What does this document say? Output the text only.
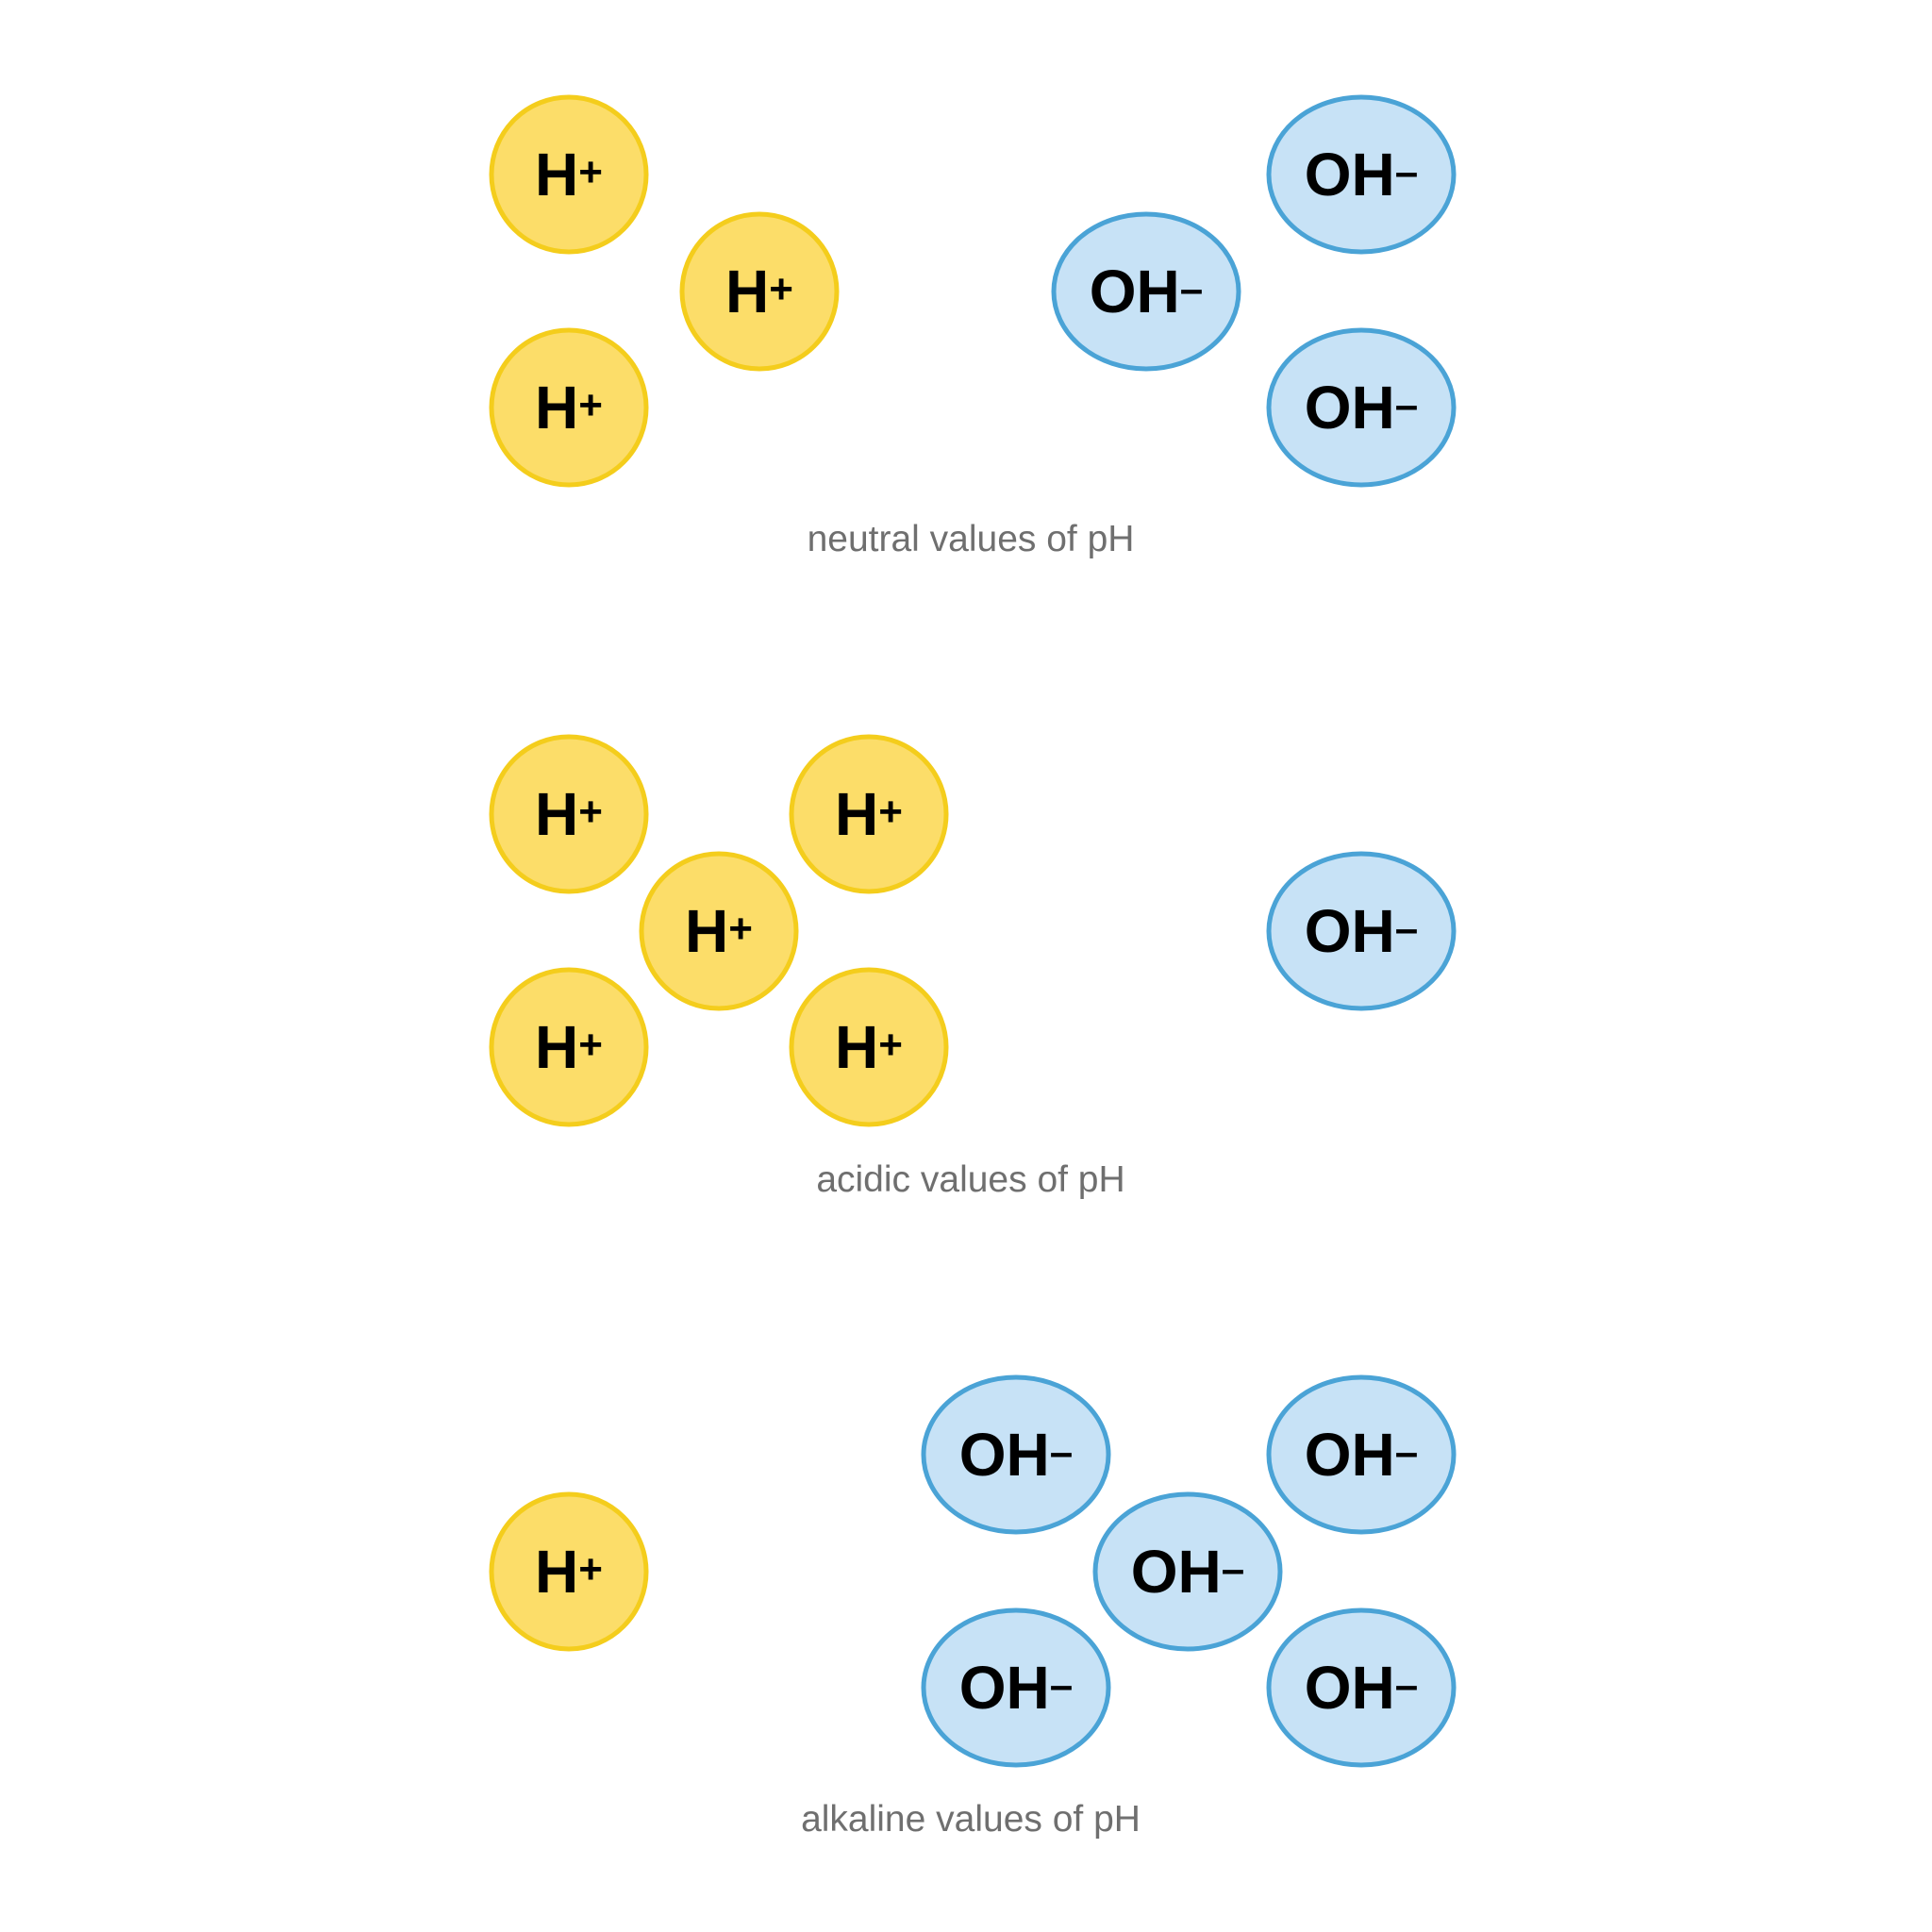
H+
H+
H+
OH–
OH–
OH–
neutral values of pH
H+	H+
H+
H+	H+
OH–
acidic values of pH
H+
OH–	OH–
OH–
OH–	OH–
alkaline values of pH
